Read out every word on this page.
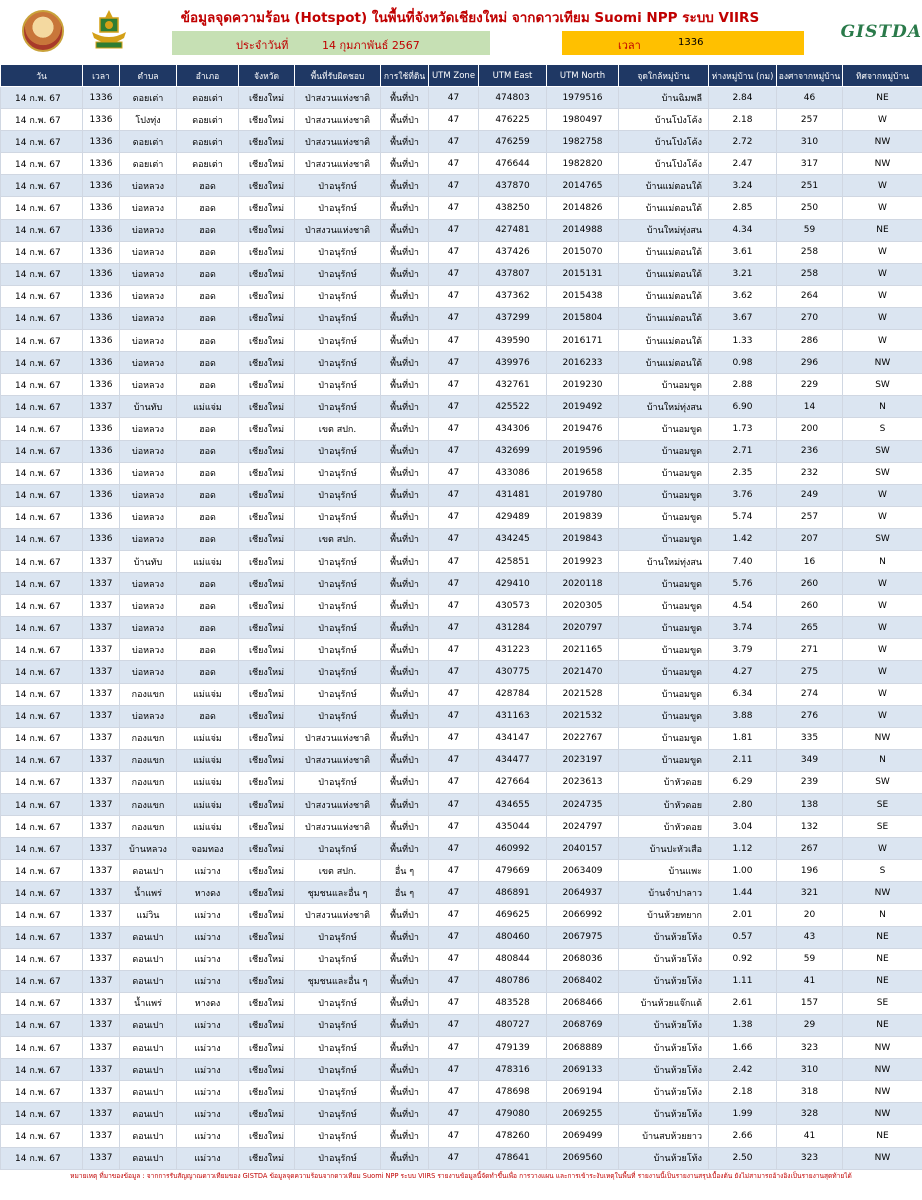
ข้อมูลจุดความร้อน (Hotspot) ในพื้นที่จังหวัดเชียงใหม่ จากดาวเทียม Suomi NPP ระบบ VIIRS
ประจำวันที่	14 กุมภาพันธ์ 2567	เวลา	1336
GISTDA
วัน	เวลา	ตำบล	อำเภอ	จังหวัด	พื้นที่รับผิดชอบ	การใช้ที่ดิน	UTM Zone	UTM East	UTM North	จุดใกล้หมู่บ้าน	ห่างหมู่บ้าน (กม)	องศาจากหมู่บ้าน	ทิศจากหมู่บ้าน
14 ก.พ. 67	1336	ดอยเต่า	ดอยเต่า	เชียงใหม่	ป่าสงวนแห่งชาติ	พื้นที่ป่า	47	474803	1979516	บ้านฉิมพลี	2.84	46	NE
14 ก.พ. 67	1336	โปงทุ่ง	ดอยเต่า	เชียงใหม่	ป่าสงวนแห่งชาติ	พื้นที่ป่า	47	476225	1980497	บ้านโป่งโค้ง	2.18	257	W
14 ก.พ. 67	1336	ดอยเต่า	ดอยเต่า	เชียงใหม่	ป่าสงวนแห่งชาติ	พื้นที่ป่า	47	476259	1982758	บ้านโป่งโค้ง	2.72	310	NW
14 ก.พ. 67	1336	ดอยเต่า	ดอยเต่า	เชียงใหม่	ป่าสงวนแห่งชาติ	พื้นที่ป่า	47	476644	1982820	บ้านโป่งโค้ง	2.47	317	NW
14 ก.พ. 67	1336	บ่อหลวง	ฮอด	เชียงใหม่	ป่าอนุรักษ์	พื้นที่ป่า	47	437870	2014765	บ้านแม่ตอนใต้	3.24	251	W
14 ก.พ. 67	1336	บ่อหลวง	ฮอด	เชียงใหม่	ป่าอนุรักษ์	พื้นที่ป่า	47	438250	2014826	บ้านแม่ตอนใต้	2.85	250	W
14 ก.พ. 67	1336	บ่อหลวง	ฮอด	เชียงใหม่	ป่าสงวนแห่งชาติ	พื้นที่ป่า	47	427481	2014988	บ้านใหม่ทุ่งสน	4.34	59	NE
14 ก.พ. 67	1336	บ่อหลวง	ฮอด	เชียงใหม่	ป่าอนุรักษ์	พื้นที่ป่า	47	437426	2015070	บ้านแม่ตอนใต้	3.61	258	W
14 ก.พ. 67	1336	บ่อหลวง	ฮอด	เชียงใหม่	ป่าอนุรักษ์	พื้นที่ป่า	47	437807	2015131	บ้านแม่ตอนใต้	3.21	258	W
14 ก.พ. 67	1336	บ่อหลวง	ฮอด	เชียงใหม่	ป่าอนุรักษ์	พื้นที่ป่า	47	437362	2015438	บ้านแม่ตอนใต้	3.62	264	W
14 ก.พ. 67	1336	บ่อหลวง	ฮอด	เชียงใหม่	ป่าอนุรักษ์	พื้นที่ป่า	47	437299	2015804	บ้านแม่ตอนใต้	3.67	270	W
14 ก.พ. 67	1336	บ่อหลวง	ฮอด	เชียงใหม่	ป่าอนุรักษ์	พื้นที่ป่า	47	439590	2016171	บ้านแม่ตอนใต้	1.33	286	W
14 ก.พ. 67	1336	บ่อหลวง	ฮอด	เชียงใหม่	ป่าอนุรักษ์	พื้นที่ป่า	47	439976	2016233	บ้านแม่ตอนใต้	0.98	296	NW
14 ก.พ. 67	1336	บ่อหลวง	ฮอด	เชียงใหม่	ป่าอนุรักษ์	พื้นที่ป่า	47	432761	2019230	บ้านอมขูด	2.88	229	SW
14 ก.พ. 67	1337	บ้านทับ	แม่แจ่ม	เชียงใหม่	ป่าอนุรักษ์	พื้นที่ป่า	47	425522	2019492	บ้านใหม่ทุ่งสน	6.90	14	N
14 ก.พ. 67	1336	บ่อหลวง	ฮอด	เชียงใหม่	เขต สปก.	พื้นที่ป่า	47	434306	2019476	บ้านอมขูด	1.73	200	S
14 ก.พ. 67	1336	บ่อหลวง	ฮอด	เชียงใหม่	ป่าอนุรักษ์	พื้นที่ป่า	47	432699	2019596	บ้านอมขูด	2.71	236	SW
14 ก.พ. 67	1336	บ่อหลวง	ฮอด	เชียงใหม่	ป่าอนุรักษ์	พื้นที่ป่า	47	433086	2019658	บ้านอมขูด	2.35	232	SW
14 ก.พ. 67	1336	บ่อหลวง	ฮอด	เชียงใหม่	ป่าอนุรักษ์	พื้นที่ป่า	47	431481	2019780	บ้านอมขูด	3.76	249	W
14 ก.พ. 67	1336	บ่อหลวง	ฮอด	เชียงใหม่	ป่าอนุรักษ์	พื้นที่ป่า	47	429489	2019839	บ้านอมขูด	5.74	257	W
14 ก.พ. 67	1336	บ่อหลวง	ฮอด	เชียงใหม่	เขต สปก.	พื้นที่ป่า	47	434245	2019843	บ้านอมขูด	1.42	207	SW
14 ก.พ. 67	1337	บ้านทับ	แม่แจ่ม	เชียงใหม่	ป่าอนุรักษ์	พื้นที่ป่า	47	425851	2019923	บ้านใหม่ทุ่งสน	7.40	16	N
14 ก.พ. 67	1337	บ่อหลวง	ฮอด	เชียงใหม่	ป่าอนุรักษ์	พื้นที่ป่า	47	429410	2020118	บ้านอมขูด	5.76	260	W
14 ก.พ. 67	1337	บ่อหลวง	ฮอด	เชียงใหม่	ป่าอนุรักษ์	พื้นที่ป่า	47	430573	2020305	บ้านอมขูด	4.54	260	W
14 ก.พ. 67	1337	บ่อหลวง	ฮอด	เชียงใหม่	ป่าอนุรักษ์	พื้นที่ป่า	47	431284	2020797	บ้านอมขูด	3.74	265	W
14 ก.พ. 67	1337	บ่อหลวง	ฮอด	เชียงใหม่	ป่าอนุรักษ์	พื้นที่ป่า	47	431223	2021165	บ้านอมขูด	3.79	271	W
14 ก.พ. 67	1337	บ่อหลวง	ฮอด	เชียงใหม่	ป่าอนุรักษ์	พื้นที่ป่า	47	430775	2021470	บ้านอมขูด	4.27	275	W
14 ก.พ. 67	1337	กองแขก	แม่แจ่ม	เชียงใหม่	ป่าอนุรักษ์	พื้นที่ป่า	47	428784	2021528	บ้านอมขูด	6.34	274	W
14 ก.พ. 67	1337	บ่อหลวง	ฮอด	เชียงใหม่	ป่าอนุรักษ์	พื้นที่ป่า	47	431163	2021532	บ้านอมขูด	3.88	276	W
14 ก.พ. 67	1337	กองแขก	แม่แจ่ม	เชียงใหม่	ป่าสงวนแห่งชาติ	พื้นที่ป่า	47	434147	2022767	บ้านอมขูด	1.81	335	NW
14 ก.พ. 67	1337	กองแขก	แม่แจ่ม	เชียงใหม่	ป่าสงวนแห่งชาติ	พื้นที่ป่า	47	434477	2023197	บ้านอมขูด	2.11	349	N
14 ก.พ. 67	1337	กองแขก	แม่แจ่ม	เชียงใหม่	ป่าอนุรักษ์	พื้นที่ป่า	47	427664	2023613	บ้าหัวดอย	6.29	239	SW
14 ก.พ. 67	1337	กองแขก	แม่แจ่ม	เชียงใหม่	ป่าสงวนแห่งชาติ	พื้นที่ป่า	47	434655	2024735	บ้าหัวดอย	2.80	138	SE
14 ก.พ. 67	1337	กองแขก	แม่แจ่ม	เชียงใหม่	ป่าสงวนแห่งชาติ	พื้นที่ป่า	47	435044	2024797	บ้าหัวดอย	3.04	132	SE
14 ก.พ. 67	1337	บ้านหลวง	จอมทอง	เชียงใหม่	ป่าอนุรักษ์	พื้นที่ป่า	47	460992	2040157	บ้านปะหัวเสือ	1.12	267	W
14 ก.พ. 67	1337	ดอนเปา	แม่วาง	เชียงใหม่	เขต สปก.	อื่น ๆ	47	479669	2063409	บ้านแพะ	1.00	196	S
14 ก.พ. 67	1337	น้ำแพร่	หางดง	เชียงใหม่	ชุมชนและอื่น ๆ	อื่น ๆ	47	486891	2064937	บ้านจำปาลาว	1.44	321	NW
14 ก.พ. 67	1337	แม่วิน	แม่วาง	เชียงใหม่	ป่าสงวนแห่งชาติ	พื้นที่ป่า	47	469625	2066992	บ้านห้วยทยาก	2.01	20	N
14 ก.พ. 67	1337	ดอนเปา	แม่วาง	เชียงใหม่	ป่าอนุรักษ์	พื้นที่ป่า	47	480460	2067975	บ้านห้วยโท้ง	0.57	43	NE
14 ก.พ. 67	1337	ดอนเปา	แม่วาง	เชียงใหม่	ป่าอนุรักษ์	พื้นที่ป่า	47	480844	2068036	บ้านห้วยโท้ง	0.92	59	NE
14 ก.พ. 67	1337	ดอนเปา	แม่วาง	เชียงใหม่	ชุมชนและอื่น ๆ	พื้นที่ป่า	47	480786	2068402	บ้านห้วยโท้ง	1.11	41	NE
14 ก.พ. 67	1337	น้ำแพร่	หางดง	เชียงใหม่	ป่าอนุรักษ์	พื้นที่ป่า	47	483528	2068466	บ้านห้วยแจ๊กแต้	2.61	157	SE
14 ก.พ. 67	1337	ดอนเปา	แม่วาง	เชียงใหม่	ป่าอนุรักษ์	พื้นที่ป่า	47	480727	2068769	บ้านห้วยโท้ง	1.38	29	NE
14 ก.พ. 67	1337	ดอนเปา	แม่วาง	เชียงใหม่	ป่าอนุรักษ์	พื้นที่ป่า	47	479139	2068889	บ้านห้วยโท้ง	1.66	323	NW
14 ก.พ. 67	1337	ดอนเปา	แม่วาง	เชียงใหม่	ป่าอนุรักษ์	พื้นที่ป่า	47	478316	2069133	บ้านห้วยโท้ง	2.42	310	NW
14 ก.พ. 67	1337	ดอนเปา	แม่วาง	เชียงใหม่	ป่าอนุรักษ์	พื้นที่ป่า	47	478698	2069194	บ้านห้วยโท้ง	2.18	318	NW
14 ก.พ. 67	1337	ดอนเปา	แม่วาง	เชียงใหม่	ป่าอนุรักษ์	พื้นที่ป่า	47	479080	2069255	บ้านห้วยโท้ง	1.99	328	NW
14 ก.พ. 67	1337	ดอนเปา	แม่วาง	เชียงใหม่	ป่าอนุรักษ์	พื้นที่ป่า	47	478260	2069499	บ้านสบห้วยยาว	2.66	41	NE
14 ก.พ. 67	1337	ดอนเปา	แม่วาง	เชียงใหม่	ป่าอนุรักษ์	พื้นที่ป่า	47	478641	2069560	บ้านห้วยโท้ง	2.50	323	NW
หมายเหตุ ที่มาของข้อมูล : จากการรับสัญญาณดาวเทียมของ GISTDA ข้อมูลจุดความร้อนจากดาวเทียม Suomi NPP ระบบ VIIRS รายงานข้อมูลนี้จัดทำขึ้นเพื่อ การวางแผน และการเข้าระงับเหตุในพื้นที่ รายงานนี้เป็นรายงานสรุปเบื้องต้น ยังไม่สามารถอ้างอิงเป็นรายงานสุดท้ายได้
